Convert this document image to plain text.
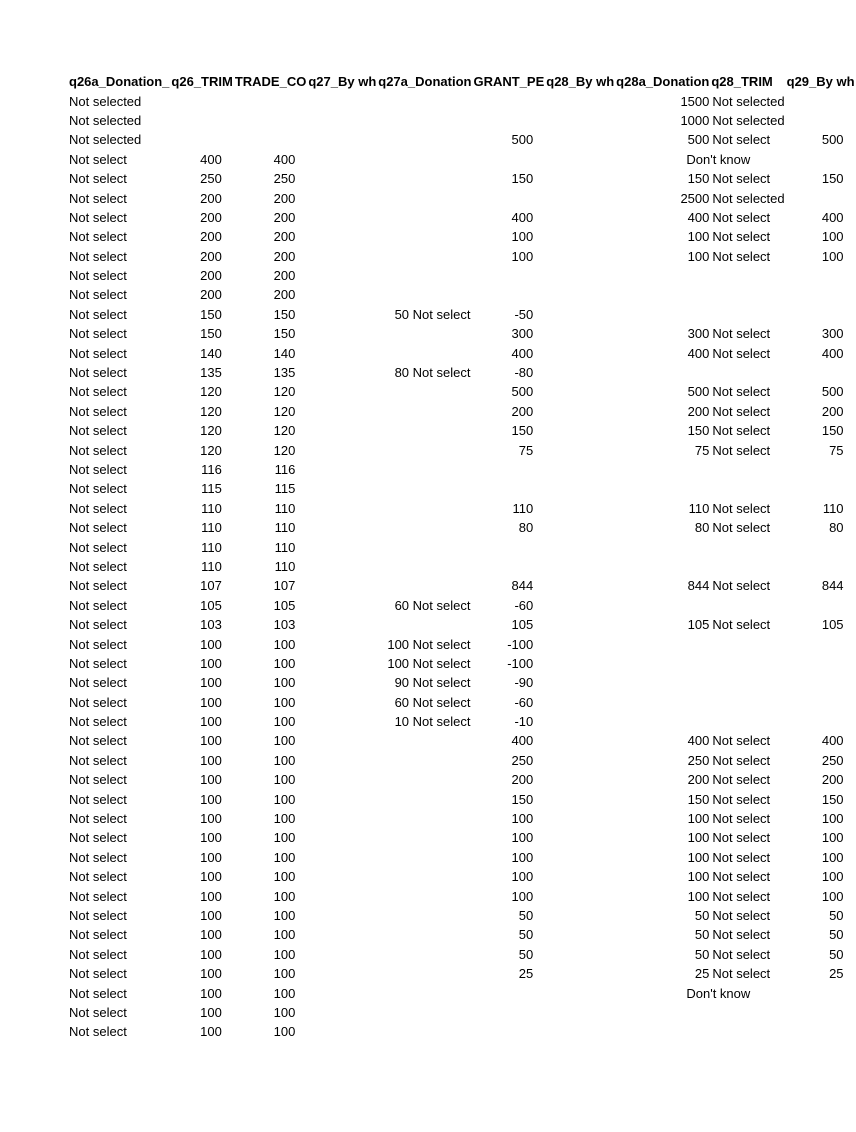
q26a_Donation_	q26_TRIM	TRADE_CO	q27_By wh	q27a_Donation	GRANT_PE	q28_By wh	q28a_Donation	q28_TRIM	q29_By wh
Not selected							1500	Not selected	
Not selected							1000	Not selected	
Not selected					500		500	Not select	500
Not select	400	400						Don't know	
Not select	250	250			150		150	Not select	150
Not select	200	200					2500	Not selected	
Not select	200	200			400		400	Not select	400
Not select	200	200			100		100	Not select	100
Not select	200	200			100		100	Not select	100
Not select	200	200							
Not select	200	200							
Not select	150	150		50 Not select	-50				
Not select	150	150			300		300	Not select	300
Not select	140	140			400		400	Not select	400
Not select	135	135		80 Not select	-80				
Not select	120	120			500		500	Not select	500
Not select	120	120			200		200	Not select	200
Not select	120	120			150		150	Not select	150
Not select	120	120			75		75	Not select	75
Not select	116	116							
Not select	115	115							
Not select	110	110			110		110	Not select	110
Not select	110	110			80		80	Not select	80
Not select	110	110							
Not select	110	110							
Not select	107	107			844		844	Not select	844
Not select	105	105		60 Not select	-60				
Not select	103	103			105		105	Not select	105
Not select	100	100		100 Not select	-100				
Not select	100	100		100 Not select	-100				
Not select	100	100		90 Not select	-90				
Not select	100	100		60 Not select	-60				
Not select	100	100		10 Not select	-10				
Not select	100	100			400		400	Not select	400
Not select	100	100			250		250	Not select	250
Not select	100	100			200		200	Not select	200
Not select	100	100			150		150	Not select	150
Not select	100	100			100		100	Not select	100
Not select	100	100			100		100	Not select	100
Not select	100	100			100		100	Not select	100
Not select	100	100			100		100	Not select	100
Not select	100	100			100		100	Not select	100
Not select	100	100			50		50	Not select	50
Not select	100	100			50		50	Not select	50
Not select	100	100			50		50	Not select	50
Not select	100	100			25		25	Not select	25
Not select	100	100						Don't know	
Not select	100	100							
Not select	100	100							
